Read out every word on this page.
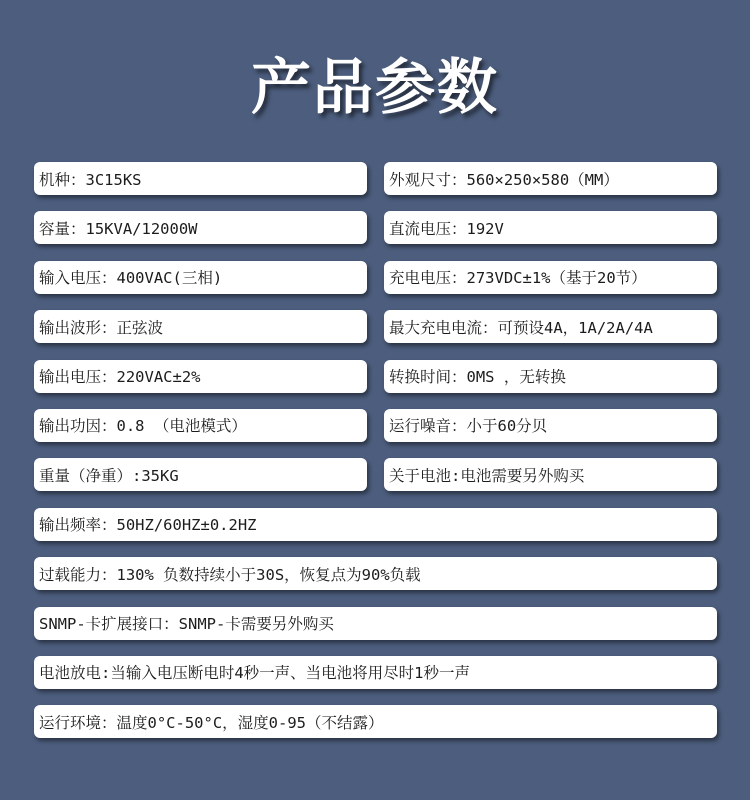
产品参数
机种：3C15KS	外观尺寸：560×250×580（MM）
容量：15KVA/12000W	直流电压：192V
输入电压：400VAC(三相)	充电电压：273VDC±1%（基于20节）
输出波形：正弦波	最大充电电流：可预设4A，1A/2A/4A
输出电压：220VAC±2%	转换时间：0MS ，无转换
输出功因：0.8 （电池模式）	运行噪音：小于60分贝
重量（净重）:35KG	关于电池:电池需要另外购买
输出频率：50HZ/60HZ±0.2HZ
过载能力：130% 负数持续小于30S，恢复点为90%负载
SNMP-卡扩展接口：SNMP-卡需要另外购买
电池放电:当输入电压断电时4秒一声、当电池将用尽时1秒一声
运行环境：温度0°C-50°C，湿度0-95（不结露）
